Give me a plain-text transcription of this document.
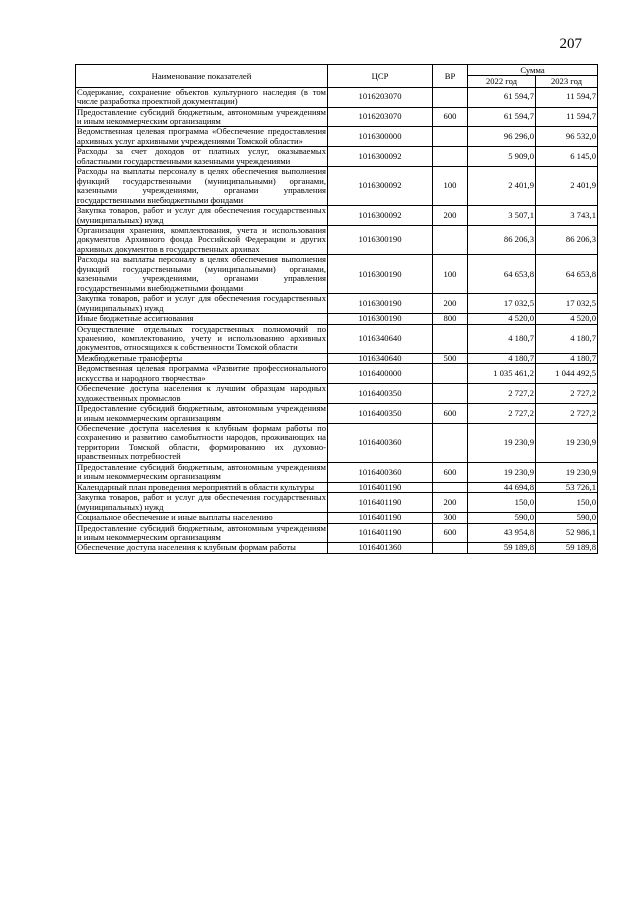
207
Наименование показателей	ЦСР	ВР	Сумма	
			2022 год	2023 год
Содержание, сохранение объектов культурного наследия (в том числе разработка проектной документации)	1016203070		61 594,7	11 594,7
Предоставление субсидий бюджетным, автономным учреждениям и иным некоммерческим организациям	1016203070	600	61 594,7	11 594,7
Ведомственная целевая программа «Обеспечение предоставления архивных услуг архивными учреждениями Томской области»	1016300000		96 296,0	96 532,0
Расходы за счет доходов от платных услуг, оказываемых областными государственными казенными учреждениями	1016300092		5 909,0	6 145,0
Расходы на выплаты персоналу в целях обеспечения выполнения функций государственными (муниципальными) органами, казенными учреждениями, органами управления государственными внебюджетными фондами	1016300092	100	2 401,9	2 401,9
Закупка товаров, работ и услуг для обеспечения государственных (муниципальных) нужд	1016300092	200	3 507,1	3 743,1
Организация хранения, комплектования, учета и использования документов Архивного фонда Российской Федерации и других архивных документов в государственных архивах	1016300190		86 206,3	86 206,3
Расходы на выплаты персоналу в целях обеспечения выполнения функций государственными (муниципальными) органами, казенными учреждениями, органами управления государственными внебюджетными фондами	1016300190	100	64 653,8	64 653,8
Закупка товаров, работ и услуг для обеспечения государственных (муниципальных) нужд	1016300190	200	17 032,5	17 032,5
Иные бюджетные ассигнования	1016300190	800	4 520,0	4 520,0
Осуществление отдельных государственных полномочий по хранению, комплектованию, учету и использованию архивных документов, относящихся к собственности Томской области	1016340640		4 180,7	4 180,7
Межбюджетные трансферты	1016340640	500	4 180,7	4 180,7
Ведомственная целевая программа «Развитие профессионального искусства и народного творчества»	1016400000		1 035 461,2	1 044 492,5
Обеспечение доступа населения к лучшим образцам народных художественных промыслов	1016400350		2 727,2	2 727,2
Предоставление субсидий бюджетным, автономным учреждениям и иным некоммерческим организациям	1016400350	600	2 727,2	2 727,2
Обеспечение доступа населения к клубным формам работы по сохранению и развитию самобытности народов, проживающих на территории Томской области, формированию их духовно-нравственных потребностей	1016400360		19 230,9	19 230,9
Предоставление субсидий бюджетным, автономным учреждениям и иным некоммерческим организациям	1016400360	600	19 230,9	19 230,9
Календарный план проведения мероприятий в области культуры	1016401190		44 694,8	53 726,1
Закупка товаров, работ и услуг для обеспечения государственных (муниципальных) нужд	1016401190	200	150,0	150,0
Социальное обеспечение и иные выплаты населению	1016401190	300	590,0	590,0
Предоставление субсидий бюджетным, автономным учреждениям и иным некоммерческим организациям	1016401190	600	43 954,8	52 986,1
Обеспечение доступа населения к клубным формам работы	1016401360		59 189,8	59 189,8
